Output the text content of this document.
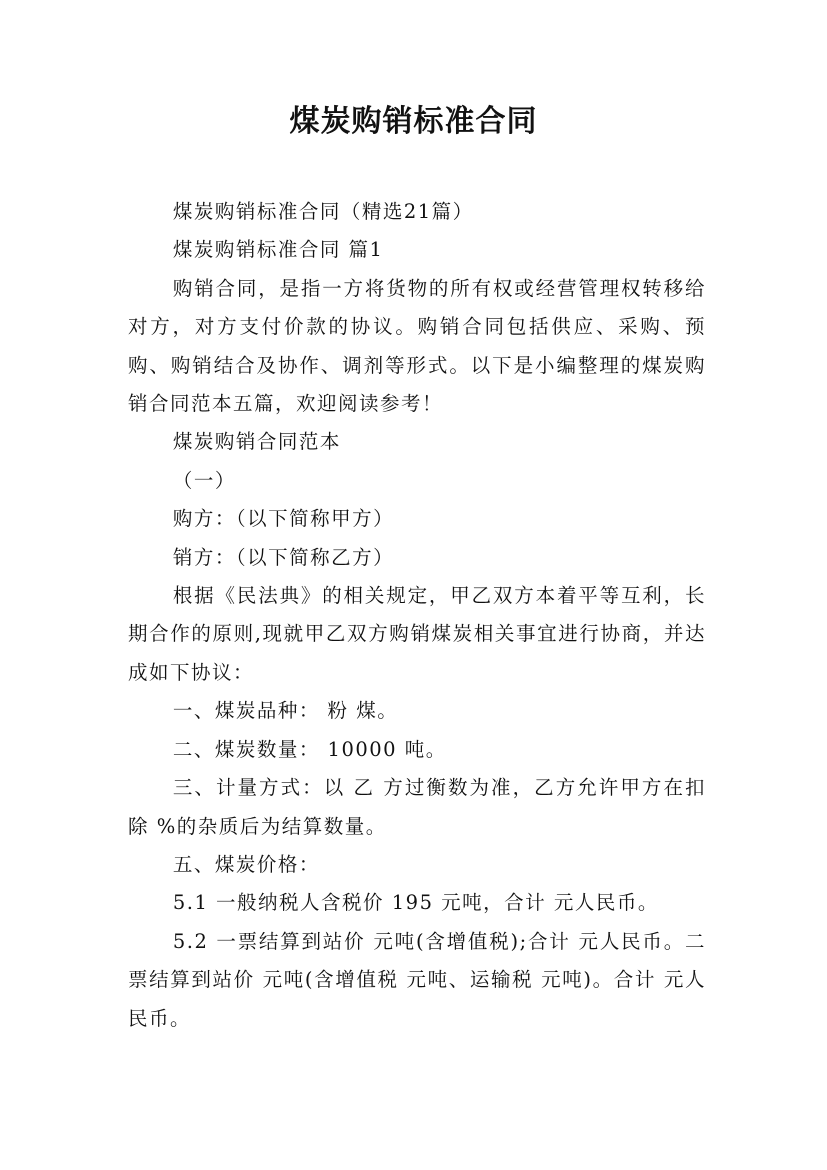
煤炭购销标准合同

煤炭购销标准合同（精选21篇）

煤炭购销标准合同 篇1

购销合同，是指一方将货物的所有权或经营管理权转移给对方，对方支付价款的协议。购销合同包括供应、采购、预购、购销结合及协作、调剂等形式。以下是小编整理的煤炭购销合同范本五篇，欢迎阅读参考！

煤炭购销合同范本

（一）

购方：（以下简称甲方）

销方：（以下简称乙方）

根据《民法典》的相关规定，甲乙双方本着平等互利，长期合作的原则,现就甲乙双方购销煤炭相关事宜进行协商，并达成如下协议：

一、煤炭品种： 粉 煤。

二、煤炭数量： 10000 吨。

三、计量方式：以 乙 方过衡数为准，乙方允许甲方在扣除 %的杂质后为结算数量。

五、煤炭价格：

5.1 一般纳税人含税价 195 元吨，合计 元人民币。

5.2 一票结算到站价 元吨(含增值税);合计 元人民币。二票结算到站价 元吨(含增值税 元吨、运输税 元吨)。合计 元人民币。
